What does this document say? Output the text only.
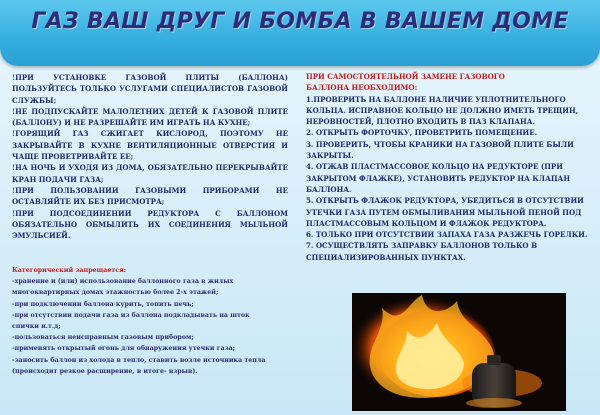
ГАЗ ВАШ ДРУГ И БОМБА В ВАШЕМ ДОМЕ

!ПРИ УСТАНОВКЕ ГАЗОВОЙ ПЛИТЫ (БАЛЛОНА) ПОЛЬЗУЙТЕСЬ ТОЛЬКО УСЛУГАМИ СПЕЦИАЛИСТОВ ГАЗОВОЙ СЛУЖБЫ;

!НЕ ПОДПУСКАЙТЕ МАЛОЛЕТНИХ ДЕТЕЙ К ГАЗОВОЙ ПЛИТЕ (БАЛЛОНУ) И НЕ РАЗРЕШАЙТЕ ИМ ИГРАТЬ НА КУХНЕ;

!ГОРЯЩИЙ ГАЗ СЖИГАЕТ КИСЛОРОД, ПОЭТОМУ НЕ ЗАКРЫВАЙТЕ В КУХНЕ ВЕНТИЛЯЦИОННЫЕ ОТВЕРСТИЯ И ЧАЩЕ ПРОВЕТРИВАЙТЕ ЕЕ;

!НА НОЧЬ И УХОДЯ ИЗ ДОМА, ОБЯЗАТЕЛЬНО ПЕРЕКРЫВАЙТЕ КРАН ПОДАЧИ ГАЗА;

!ПРИ ПОЛЬЗОВАНИИ ГАЗОВЫМИ ПРИБОРАМИ НЕ ОСТАВЛЯЙТЕ ИХ БЕЗ ПРИСМОТРА;

!ПРИ ПОДСОЕДИНЕНИИ РЕДУКТОРА С БАЛЛОНОМ ОБЯЗАТЕЛЬНО ОБМЫЛИТЬ ИХ СОЕДИНЕНИЯ МЫЛЬНОЙ ЭМУЛЬСИЕЙ.

Категорический запрещается:
-хранение и (или) использование баллонного газа в жилых
многоквартирных домах этажностью более 2-х этажей;
-при подключении баллона курить, топить печь;
-при отсутствии подачи газа из баллона подкладывать на шток
спички и.т.д;
-пользоваться неисправным газовым прибором;
-применять открытый огонь для обнаружения утечки газа;
-заносить баллон из холода в тепло, ставить возле источника тепла
(происходит резкое расширение, в итоге- взрыв).
ПРИ САМОСТОЯТЕЛЬНОЙ ЗАМЕНЕ ГАЗОВОГО
БАЛЛОНА НЕОБХОДИМО:
1.ПРОВЕРИТЬ НА БАЛЛОНЕ НАЛИЧИЕ УПЛОТНИТЕЛЬНОГО КОЛЬЦА. ИСПРАВНОЕ КОЛЬЦО НЕ ДОЛЖНО ИМЕТЬ ТРЕЩИН, НЕРОВНОСТЕЙ, ПЛОТНО ВХОДИТЬ В ПАЗ КЛАПАНА.
2. ОТКРЫТЬ ФОРТОЧКУ, ПРОВЕТРИТЬ ПОМЕЩЕНИЕ.
3. ПРОВЕРИТЬ, ЧТОБЫ КРАНИКИ НА ГАЗОВОЙ ПЛИТЕ БЫЛИ ЗАКРЫТЫ.
4. ОТЖАВ ПЛАСТМАССОВОЕ КОЛЬЦО НА РЕДУКТОРЕ (ПРИ ЗАКРЫТОМ ФЛАЖКЕ), УСТАНОВИТЬ РЕДУКТОР НА КЛАПАН БАЛЛОНА.
5. ОТКРЫТЬ ФЛАЖОК РЕДУКТОРА, УБЕДИТЬСЯ В ОТСУТСТВИИ УТЕЧКИ ГАЗА ПУТЕМ ОБМЫЛИВАНИЯ МЫЛЬНОЙ ПЕНОЙ ПОД ПЛАСТМАССОВЫМ КОЛЬЦОМ И ФЛАЖОК РЕДУКТОРА.
6. ТОЛЬКО ПРИ ОТСУТСТВИИ ЗАПАХА ГАЗА РАЗЖЕЧЬ ГОРЕЛКИ.
7. ОСУЩЕСТВЛЯТЬ ЗАПРАВКУ БАЛЛОНОВ ТОЛЬКО В СПЕЦИАЛИЗИРОВАННЫХ ПУНКТАХ.
